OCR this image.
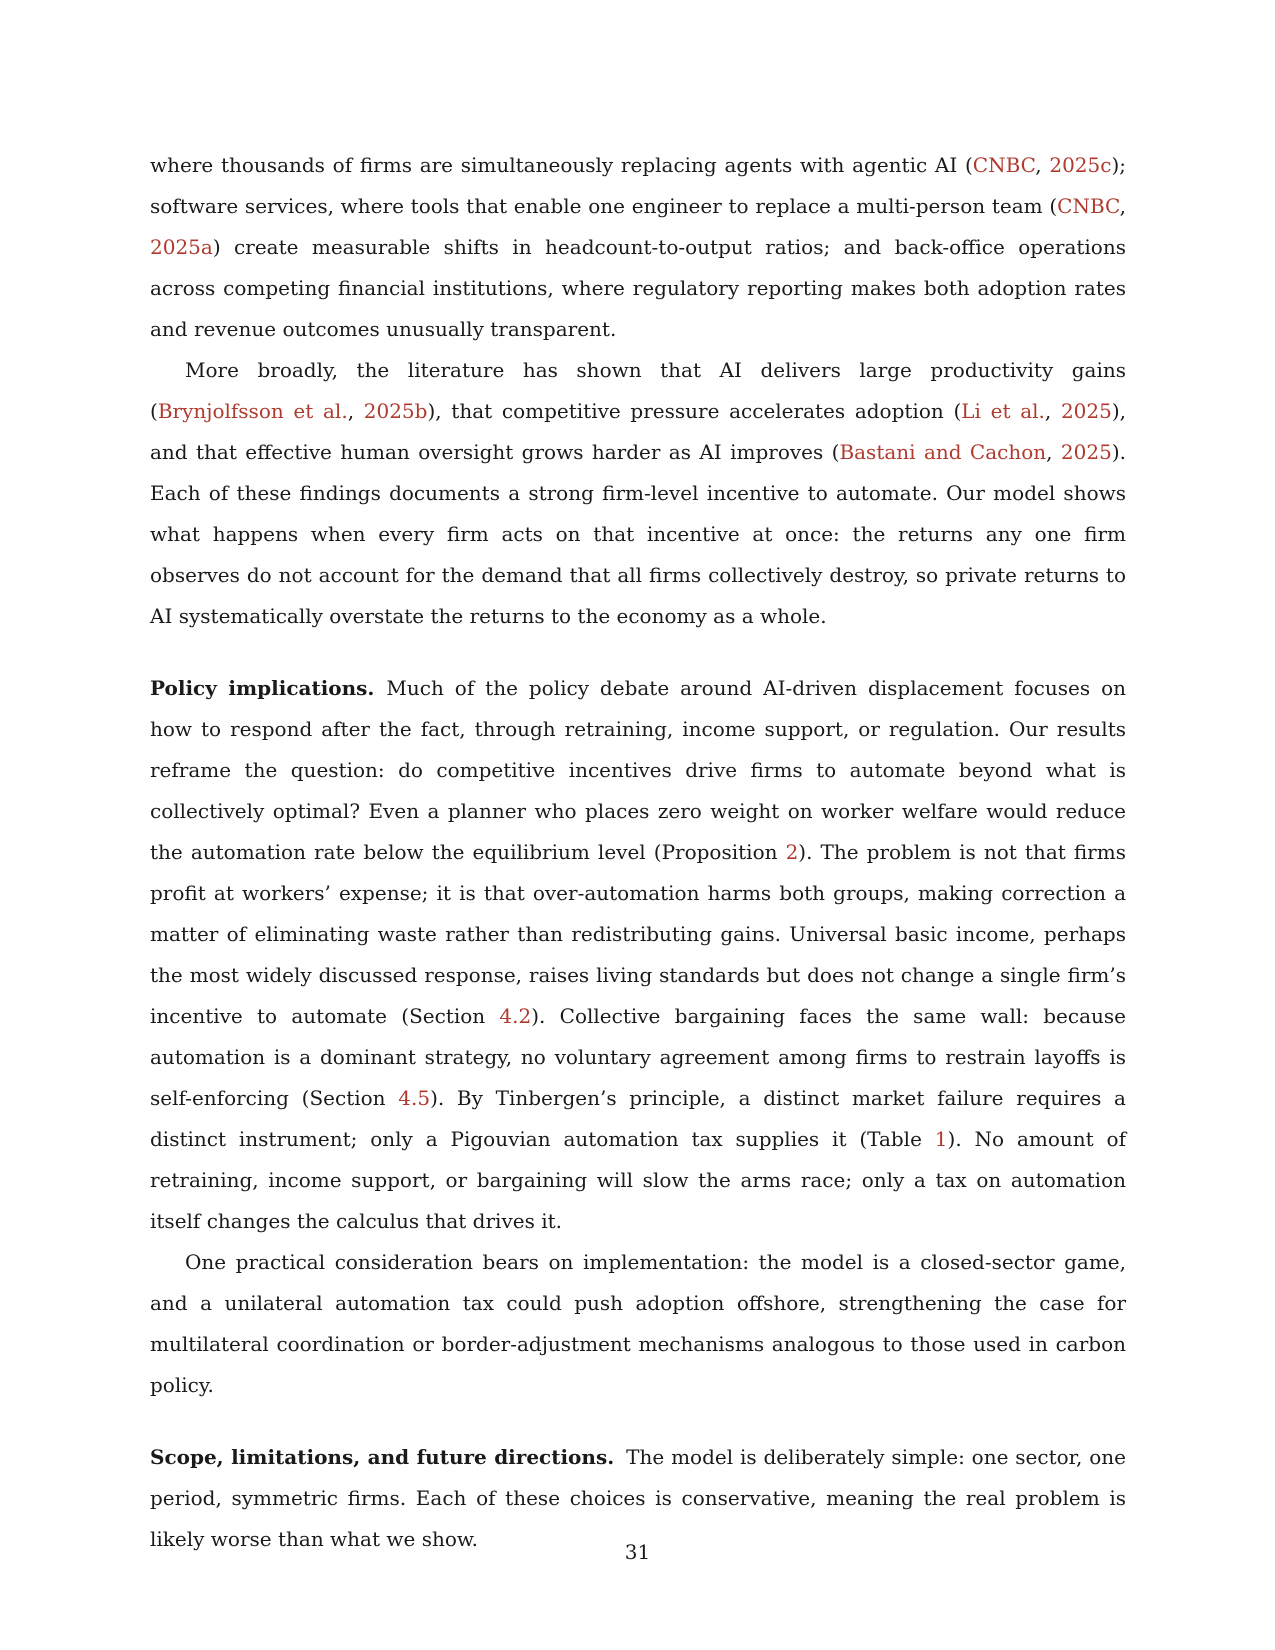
where thousands of firms are simultaneously replacing agents with agentic AI (CNBC, 2025c); software services, where tools that enable one engineer to replace a multi-person team (CNBC, 2025a) create measurable shifts in headcount-to-output ratios; and back-office operations across competing financial institutions, where regulatory reporting makes both adoption rates and revenue outcomes unusually transparent.

More broadly, the literature has shown that AI delivers large productivity gains (Brynjolfsson et al., 2025b), that competitive pressure accelerates adoption (Li et al., 2025), and that effective human oversight grows harder as AI improves (Bastani and Cachon, 2025). Each of these findings documents a strong firm-level incentive to automate. Our model shows what happens when every firm acts on that incentive at once: the returns any one firm observes do not account for the demand that all firms collectively destroy, so private returns to AI systematically overstate the returns to the economy as a whole.

Policy implications. Much of the policy debate around AI-driven displacement focuses on how to respond after the fact, through retraining, income support, or regulation. Our results reframe the question: do competitive incentives drive firms to automate beyond what is collectively optimal? Even a planner who places zero weight on worker welfare would reduce the automation rate below the equilibrium level (Proposition 2). The problem is not that firms profit at workers’ expense; it is that over-automation harms both groups, making correction a matter of eliminating waste rather than redistributing gains. Universal basic income, perhaps the most widely discussed response, raises living standards but does not change a single firm’s incentive to automate (Section 4.2). Collective bargaining faces the same wall: because automation is a dominant strategy, no voluntary agreement among firms to restrain layoffs is self-enforcing (Section 4.5). By Tinbergen’s principle, a distinct market failure requires a distinct instrument; only a Pigouvian automation tax supplies it (Table 1). No amount of retraining, income support, or bargaining will slow the arms race; only a tax on automation itself changes the calculus that drives it.

One practical consideration bears on implementation: the model is a closed-sector game, and a unilateral automation tax could push adoption offshore, strengthening the case for multilateral coordination or border-adjustment mechanisms analogous to those used in carbon policy.

Scope, limitations, and future directions. The model is deliberately simple: one sector, one period, symmetric firms. Each of these choices is conservative, meaning the real problem is likely worse than what we show.

31
